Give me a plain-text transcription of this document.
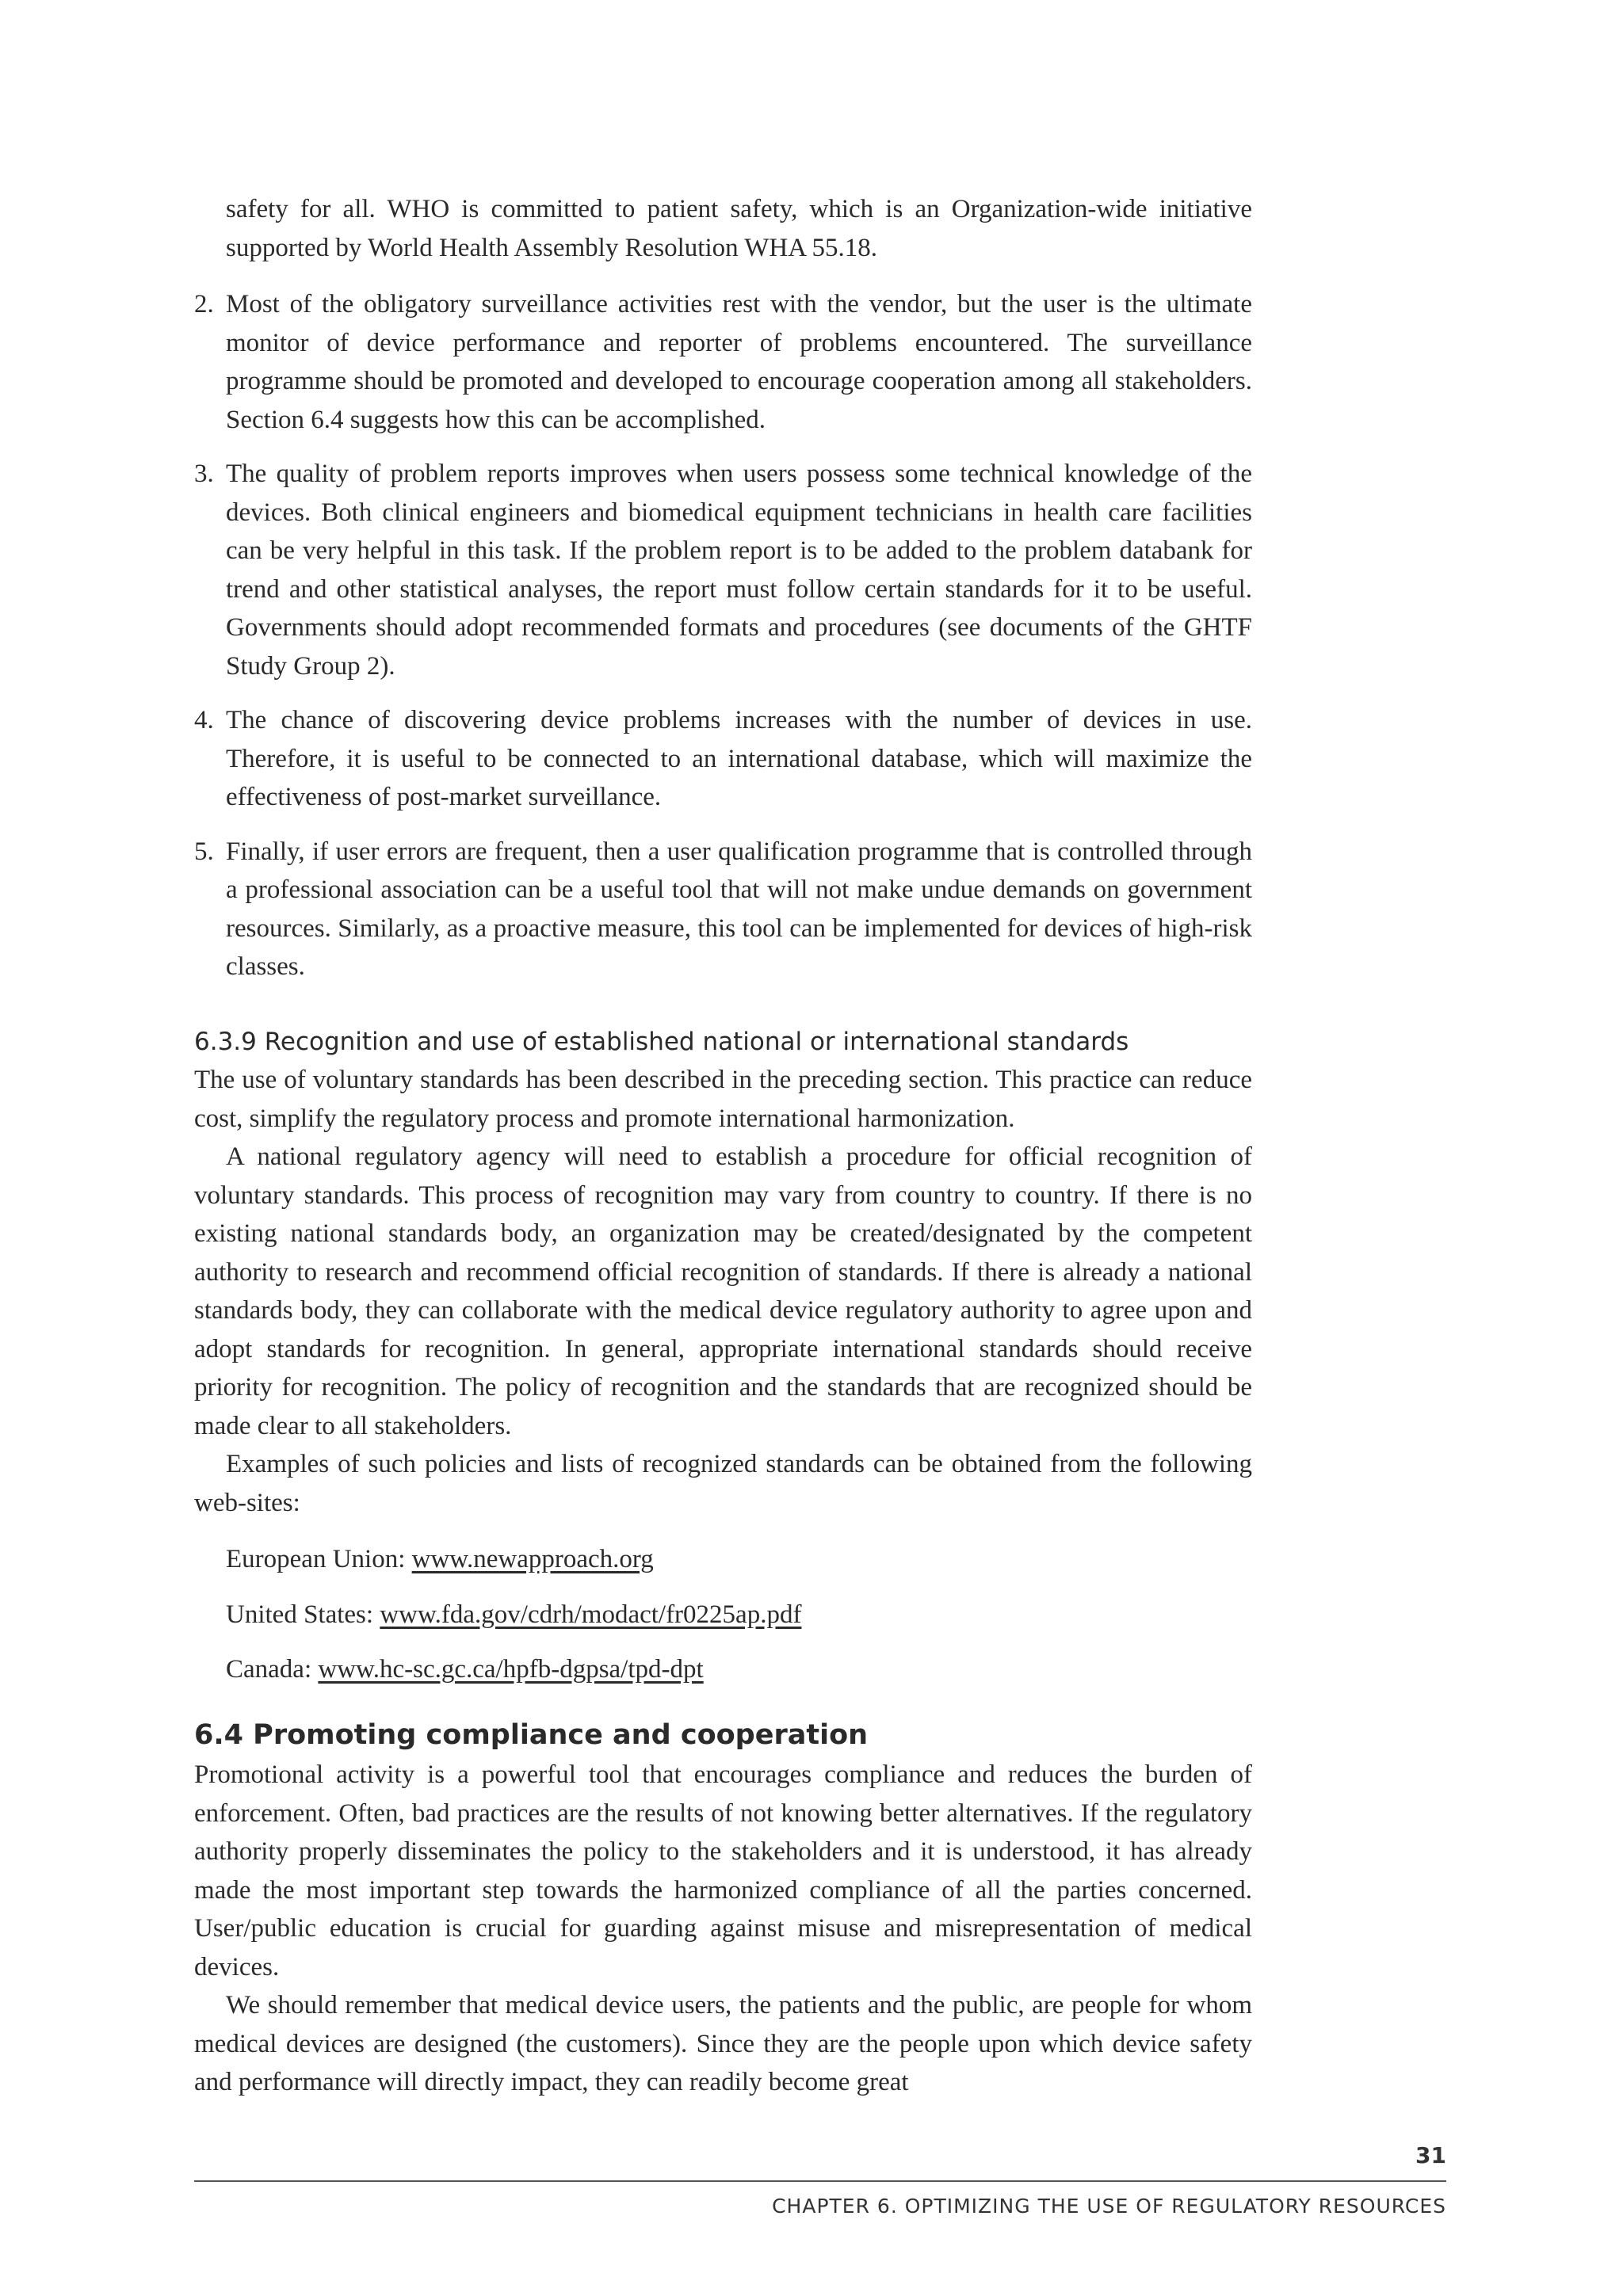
safety for all. WHO is committed to patient safety, which is an Organization-wide initiative supported by World Health Assembly Resolution WHA 55.18.
2. Most of the obligatory surveillance activities rest with the vendor, but the user is the ultimate monitor of device performance and reporter of problems encountered. The surveillance programme should be promoted and developed to encourage cooperation among all stakeholders. Section 6.4 suggests how this can be accomplished.
3. The quality of problem reports improves when users possess some technical knowledge of the devices. Both clinical engineers and biomedical equipment technicians in health care facilities can be very helpful in this task. If the problem report is to be added to the problem databank for trend and other statistical analyses, the report must follow certain standards for it to be useful. Governments should adopt recommended formats and procedures (see documents of the GHTF Study Group 2).
4. The chance of discovering device problems increases with the number of devices in use. Therefore, it is useful to be connected to an international database, which will maximize the effectiveness of post-market surveillance.
5. Finally, if user errors are frequent, then a user qualification programme that is controlled through a professional association can be a useful tool that will not make undue demands on government resources. Similarly, as a proactive measure, this tool can be implemented for devices of high-risk classes.
6.3.9 Recognition and use of established national or international standards

The use of voluntary standards has been described in the preceding section. This practice can reduce cost, simplify the regulatory process and promote international harmonization.

A national regulatory agency will need to establish a procedure for official recognition of voluntary standards. This process of recognition may vary from country to country. If there is no existing national standards body, an organization may be created/designated by the competent authority to research and recommend official recognition of standards. If there is already a national standards body, they can collaborate with the medical device regulatory authority to agree upon and adopt standards for recognition. In general, appropriate international standards should receive priority for recognition. The policy of recognition and the standards that are recognized should be made clear to all stakeholders.

Examples of such policies and lists of recognized standards can be obtained from the following web-sites:

European Union: www.newapproach.org
United States: www.fda.gov/cdrh/modact/fr0225ap.pdf
Canada: www.hc-sc.gc.ca/hpfb-dgpsa/tpd-dpt
6.4 Promoting compliance and cooperation

Promotional activity is a powerful tool that encourages compliance and reduces the burden of enforcement. Often, bad practices are the results of not knowing better alternatives. If the regulatory authority properly disseminates the policy to the stakeholders and it is understood, it has already made the most important step towards the harmonized compliance of all the parties concerned. User/public education is crucial for guarding against misuse and misrepresentation of medical devices.

We should remember that medical device users, the patients and the public, are people for whom medical devices are designed (the customers). Since they are the people upon which device safety and performance will directly impact, they can readily become great

31
CHAPTER 6. OPTIMIZING THE USE OF REGULATORY RESOURCES
